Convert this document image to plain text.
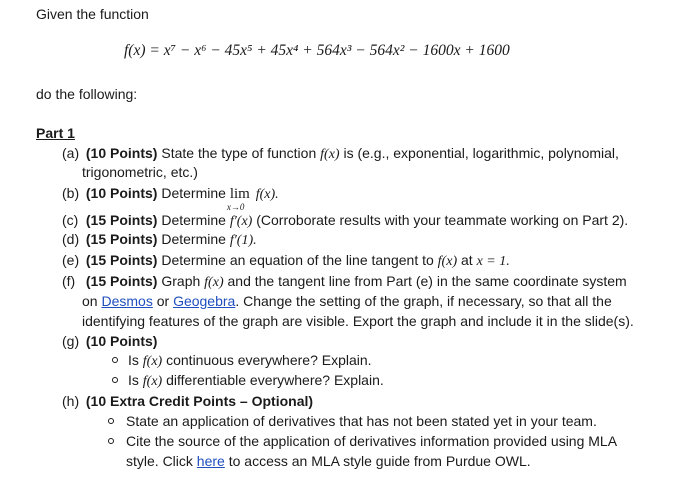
Given the function
f(x) = x⁷ − x⁶ − 45x⁵ + 45x⁴ + 564x³ − 564x² − 1600x + 1600
do the following:
Part 1
(a) (10 Points) State the type of function f(x) is (e.g., exponential, logarithmic, polynomial,
trigonometric, etc.)
(b) (10 Points) Determine lim
x→0
f(x).
(c) (15 Points) Determine f′(x) (Corroborate results with your teammate working on Part 2).
(d) (15 Points) Determine f′(1).
(e) (15 Points) Determine an equation of the line tangent to f(x) at x = 1.
(f) (15 Points) Graph f(x) and the tangent line from Part (e) in the same coordinate system
on Desmos or Geogebra. Change the setting of the graph, if necessary, so that all the
identifying features of the graph are visible. Export the graph and include it in the slide(s).
(g) (10 Points)
Is f(x) continuous everywhere? Explain.
Is f(x) differentiable everywhere? Explain.
(h) (10 Extra Credit Points – Optional)
State an application of derivatives that has not been stated yet in your team.
Cite the source of the application of derivatives information provided using MLA
style. Click here to access an MLA style guide from Purdue OWL.
